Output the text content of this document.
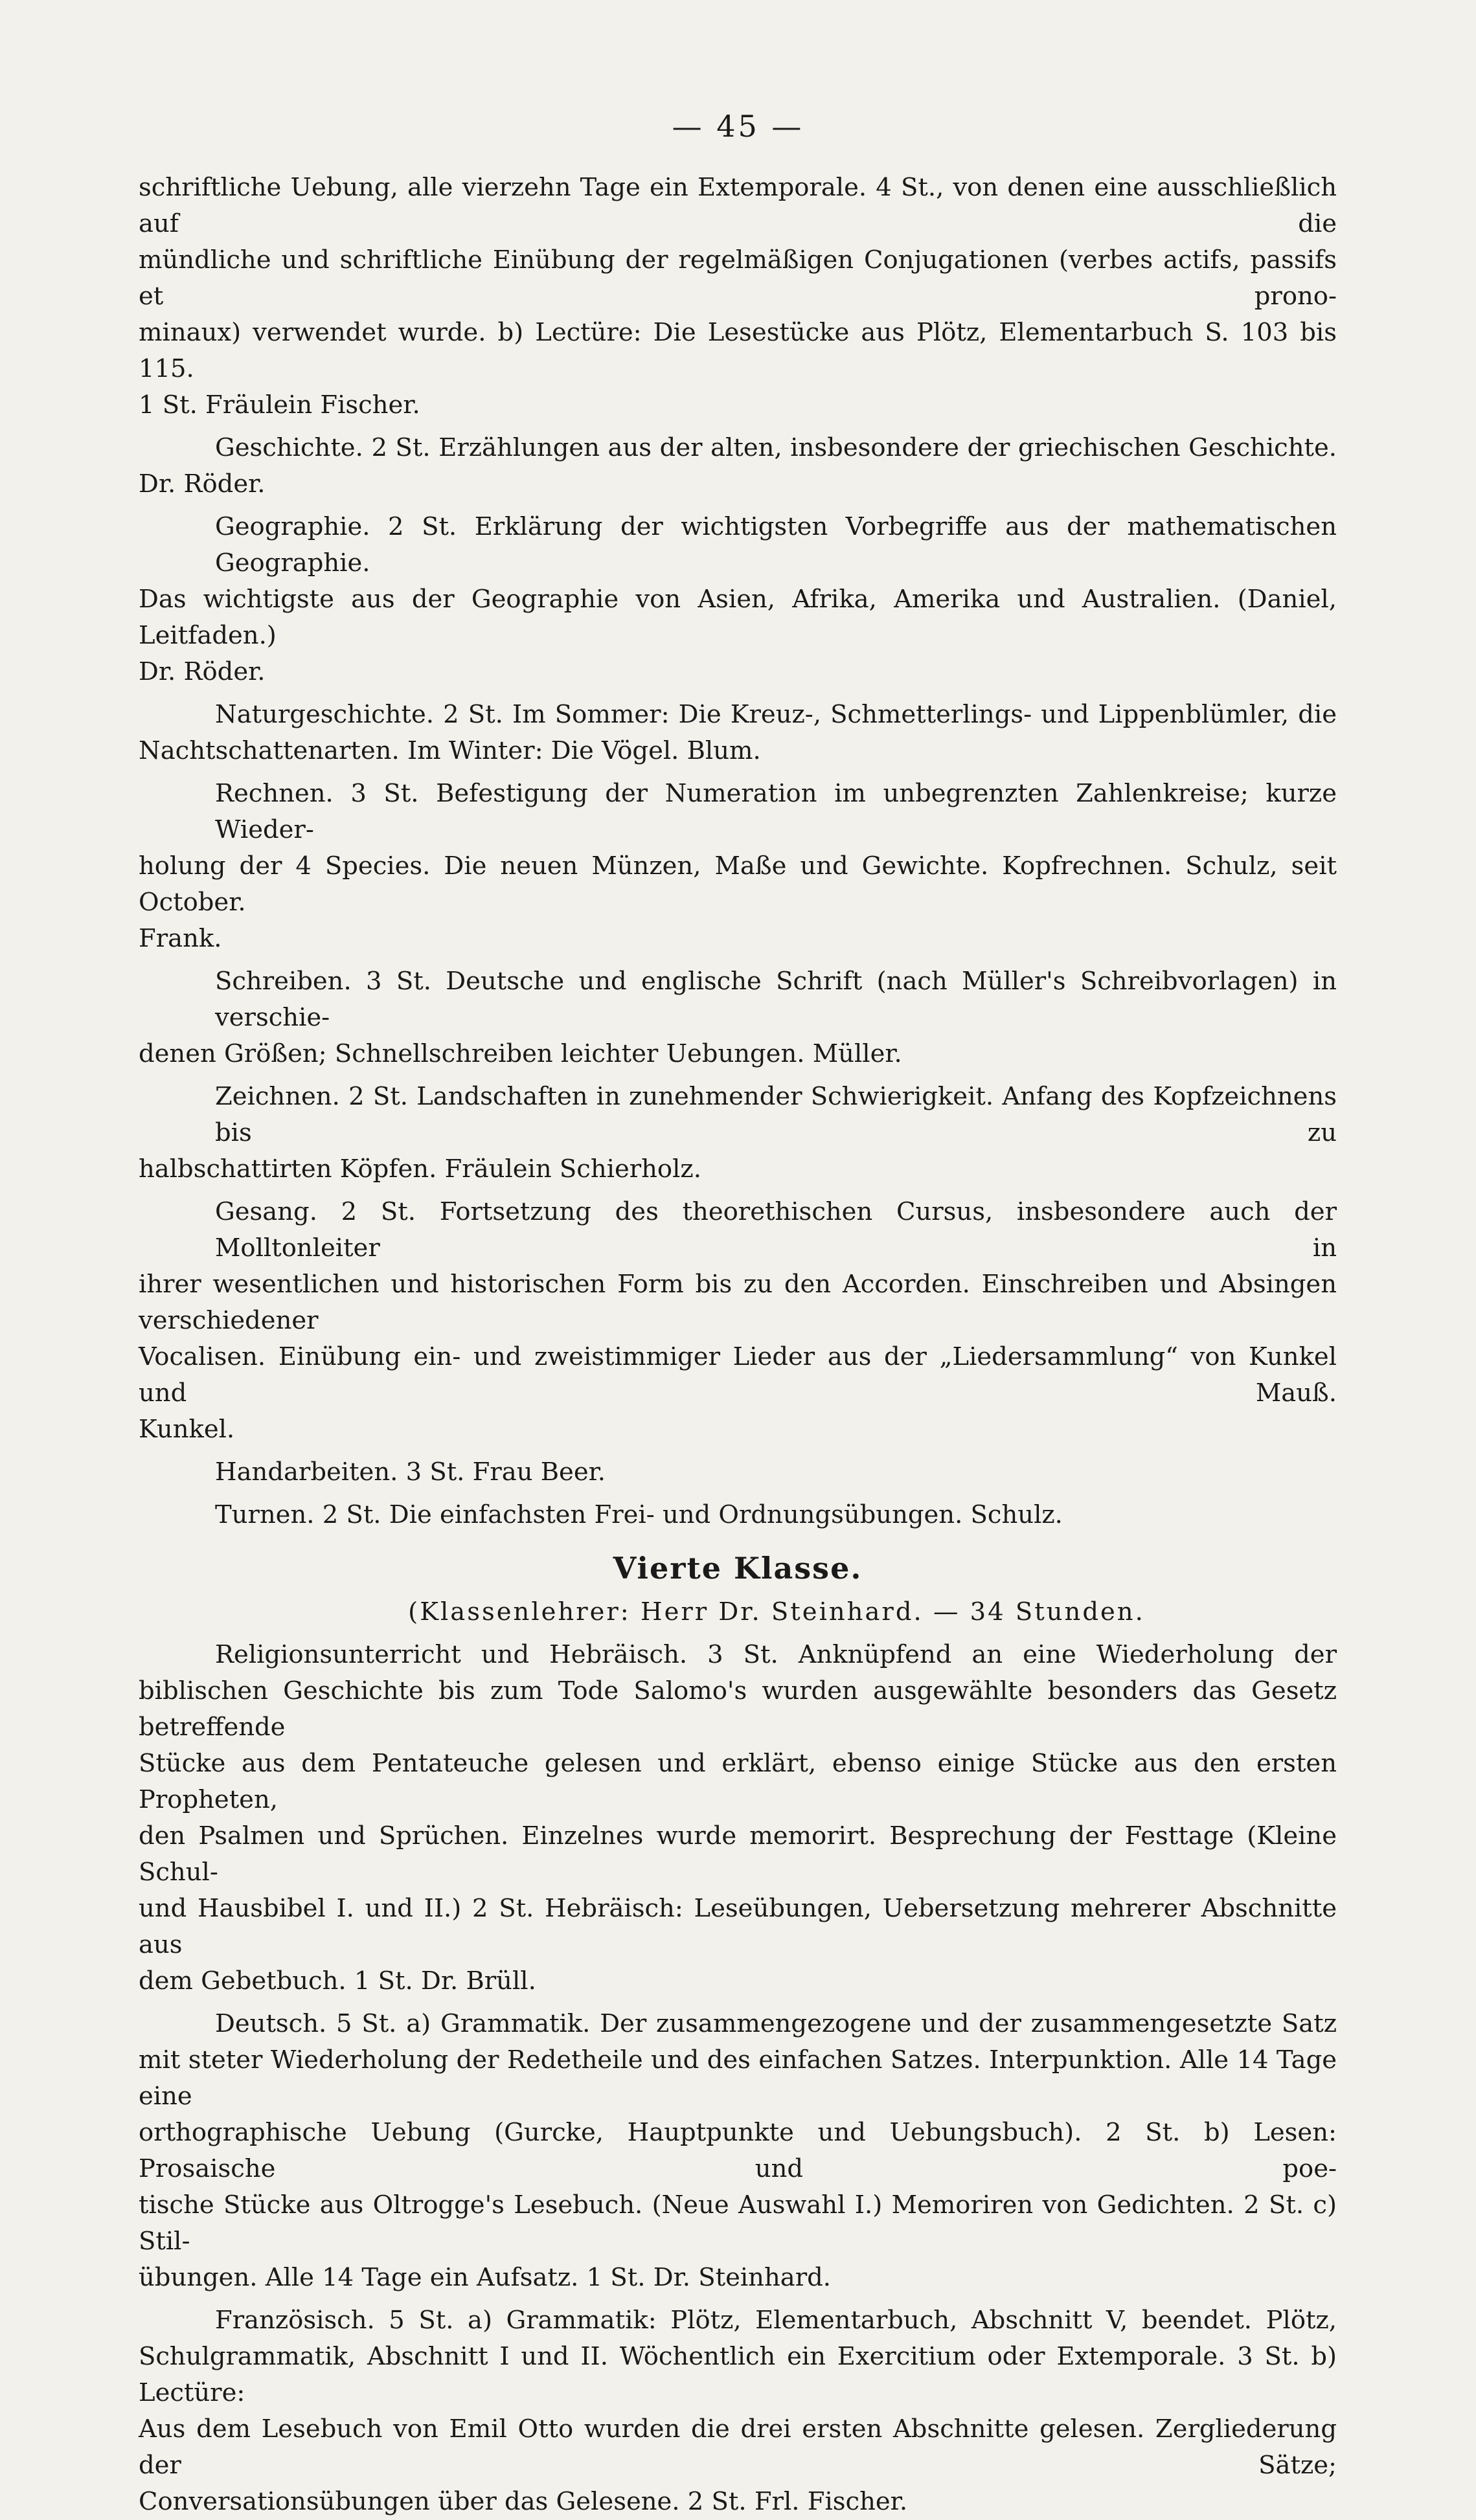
— 45 —
schriftliche Uebung, alle vierzehn Tage ein Extemporale. 4 St., von denen eine ausschließlich auf die
mündliche und schriftliche Einübung der regelmäßigen Conjugationen (verbes actifs, passifs et prono-
minaux) verwendet wurde. b) Lectüre: Die Lesestücke aus Plötz, Elementarbuch S. 103 bis 115.
1 St. Fräulein Fischer.
Geschichte. 2 St. Erzählungen aus der alten, insbesondere der griechischen Geschichte.
Dr. Röder.
Geographie. 2 St. Erklärung der wichtigsten Vorbegriffe aus der mathematischen Geographie.
Das wichtigste aus der Geographie von Asien, Afrika, Amerika und Australien. (Daniel, Leitfaden.)
Dr. Röder.
Naturgeschichte. 2 St. Im Sommer: Die Kreuz-, Schmetterlings- und Lippenblümler, die
Nachtschattenarten. Im Winter: Die Vögel. Blum.
Rechnen. 3 St. Befestigung der Numeration im unbegrenzten Zahlenkreise; kurze Wieder-
holung der 4 Species. Die neuen Münzen, Maße und Gewichte. Kopfrechnen. Schulz, seit October.
Frank.
Schreiben. 3 St. Deutsche und englische Schrift (nach Müller's Schreibvorlagen) in verschie-
denen Größen; Schnellschreiben leichter Uebungen. Müller.
Zeichnen. 2 St. Landschaften in zunehmender Schwierigkeit. Anfang des Kopfzeichnens bis zu
halbschattirten Köpfen. Fräulein Schierholz.
Gesang. 2 St. Fortsetzung des theorethischen Cursus, insbesondere auch der Molltonleiter in
ihrer wesentlichen und historischen Form bis zu den Accorden. Einschreiben und Absingen verschiedener
Vocalisen. Einübung ein- und zweistimmiger Lieder aus der „Liedersammlung“ von Kunkel und Mauß.
Kunkel.
Handarbeiten. 3 St. Frau Beer.
Turnen. 2 St. Die einfachsten Frei- und Ordnungsübungen. Schulz.
Vierte Klasse.
(Klassenlehrer: Herr Dr. Steinhard. — 34 Stunden.
Religionsunterricht und Hebräisch. 3 St. Anknüpfend an eine Wiederholung der
biblischen Geschichte bis zum Tode Salomo's wurden ausgewählte besonders das Gesetz betreffende
Stücke aus dem Pentateuche gelesen und erklärt, ebenso einige Stücke aus den ersten Propheten,
den Psalmen und Sprüchen. Einzelnes wurde memorirt. Besprechung der Festtage (Kleine Schul-
und Hausbibel I. und II.) 2 St. Hebräisch: Leseübungen, Uebersetzung mehrerer Abschnitte aus
dem Gebetbuch. 1 St. Dr. Brüll.
Deutsch. 5 St. a) Grammatik. Der zusammengezogene und der zusammengesetzte Satz
mit steter Wiederholung der Redetheile und des einfachen Satzes. Interpunktion. Alle 14 Tage eine
orthographische Uebung (Gurcke, Hauptpunkte und Uebungsbuch). 2 St. b) Lesen: Prosaische und poe-
tische Stücke aus Oltrogge's Lesebuch. (Neue Auswahl I.) Memoriren von Gedichten. 2 St. c) Stil-
übungen. Alle 14 Tage ein Aufsatz. 1 St. Dr. Steinhard.
Französisch. 5 St. a) Grammatik: Plötz, Elementarbuch, Abschnitt V, beendet. Plötz,
Schulgrammatik, Abschnitt I und II. Wöchentlich ein Exercitium oder Extemporale. 3 St. b) Lectüre:
Aus dem Lesebuch von Emil Otto wurden die drei ersten Abschnitte gelesen. Zergliederung der Sätze;
Conversationsübungen über das Gelesene. 2 St. Frl. Fischer.
